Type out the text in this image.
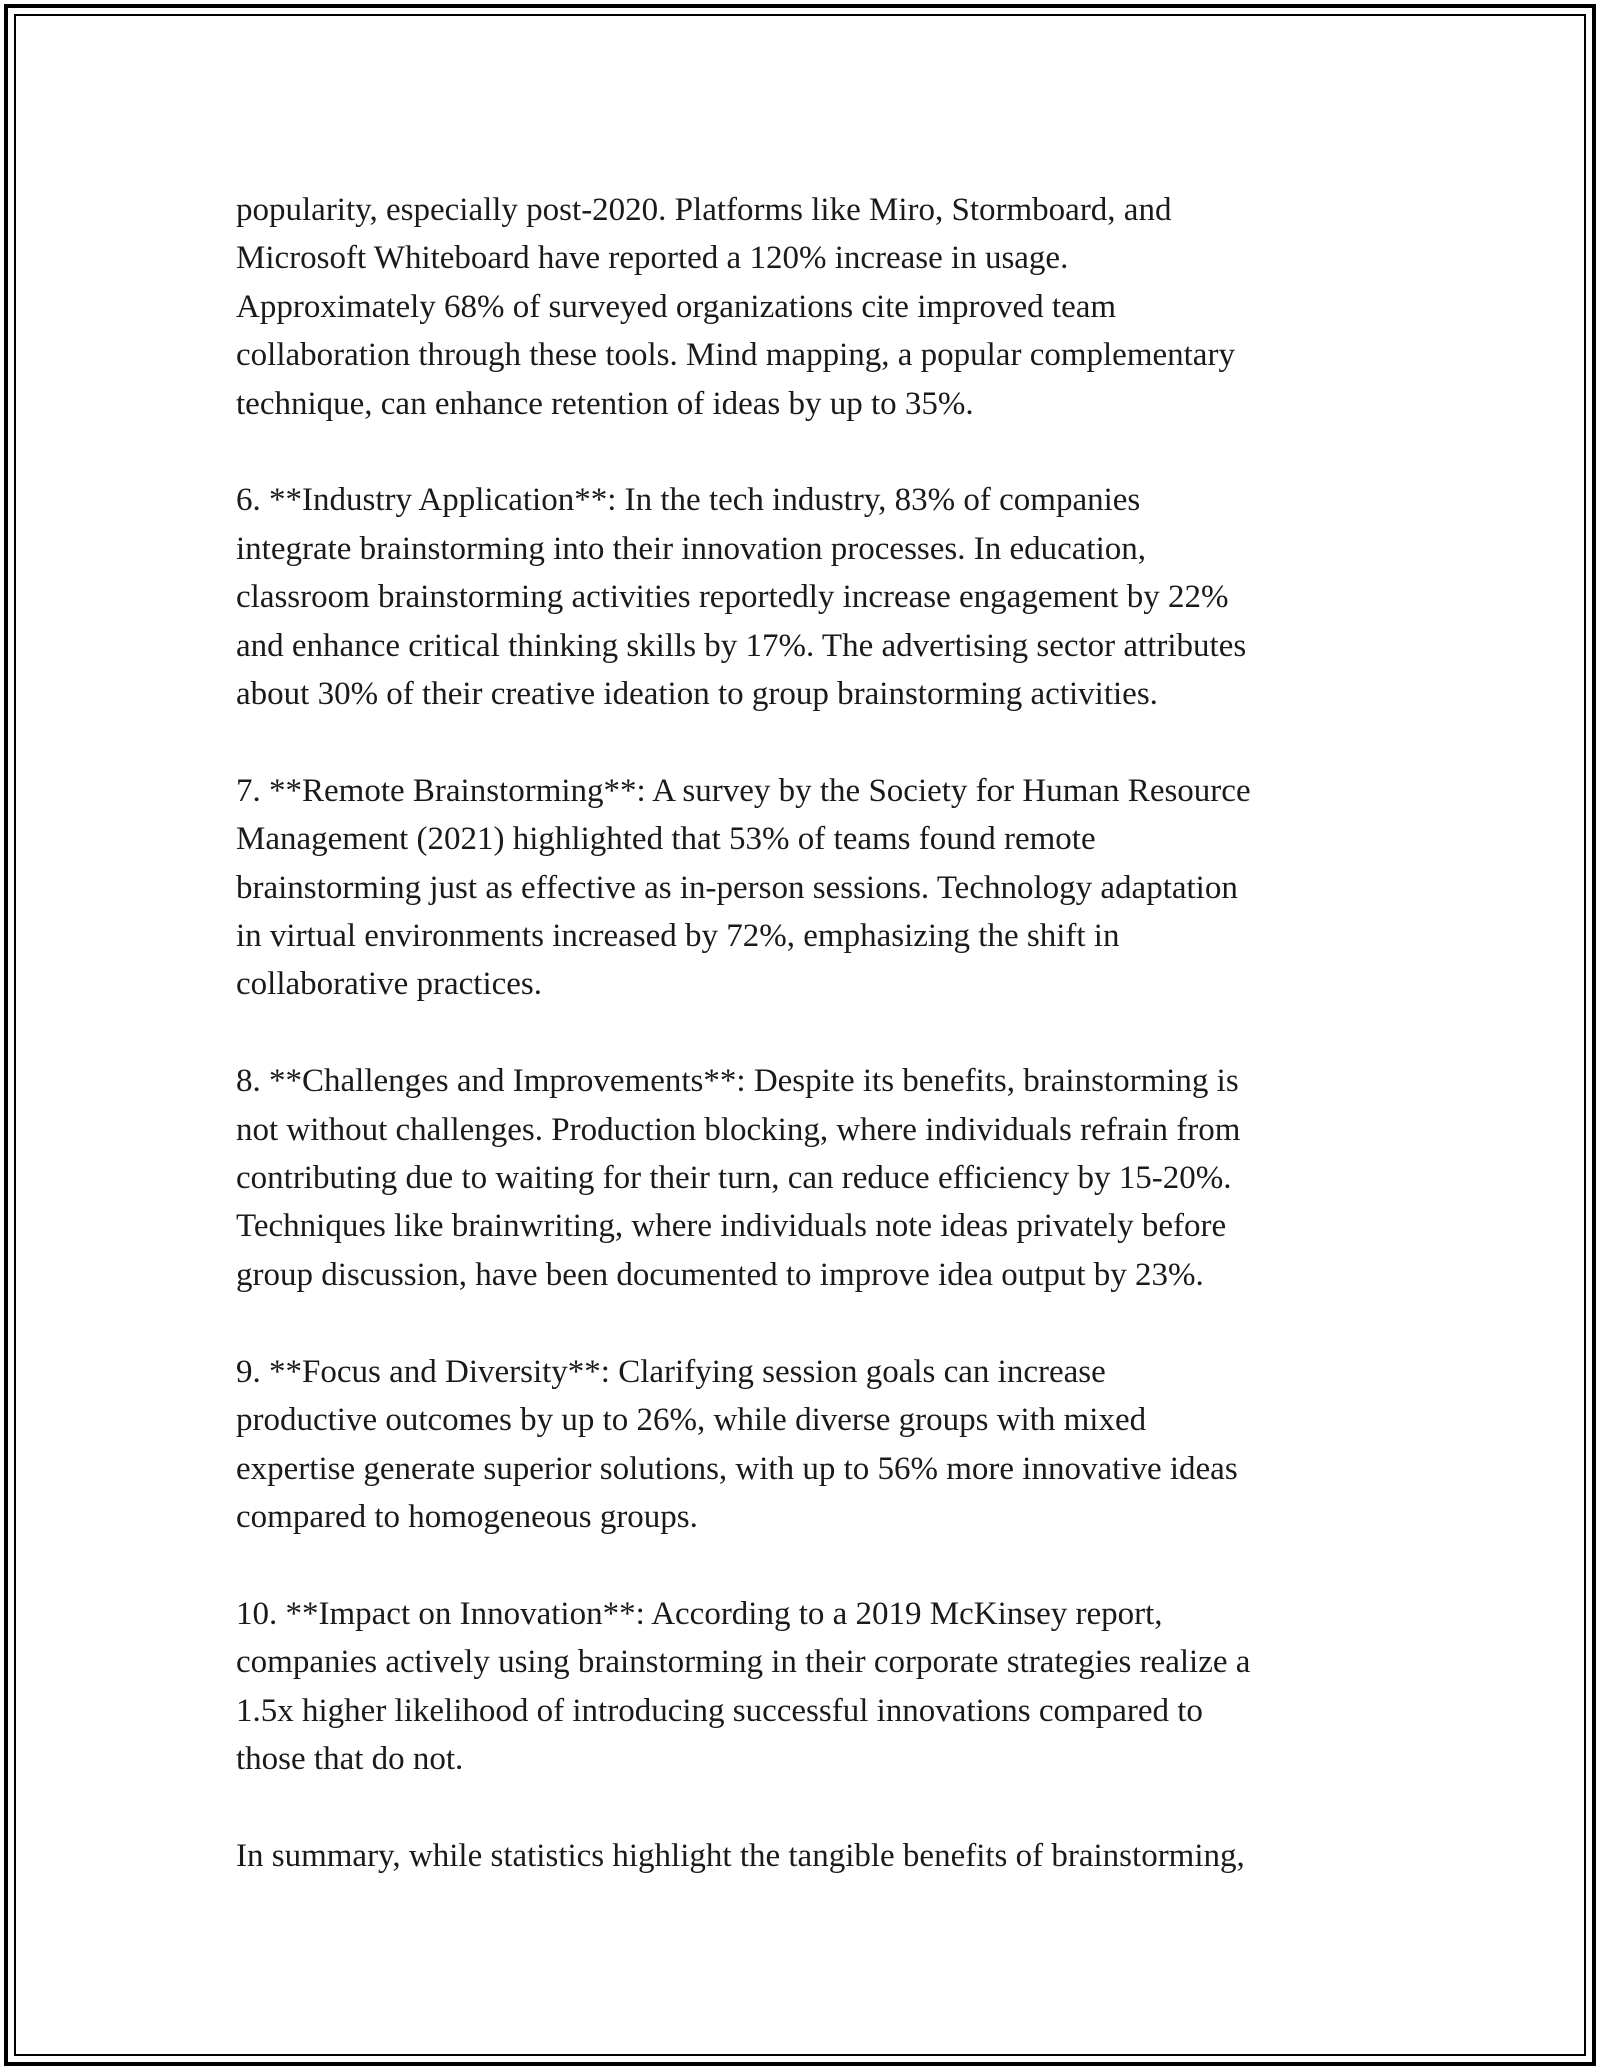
popularity, especially post-2020. Platforms like Miro, Stormboard, and
Microsoft Whiteboard have reported a 120% increase in usage.
Approximately 68% of surveyed organizations cite improved team
collaboration through these tools. Mind mapping, a popular complementary
technique, can enhance retention of ideas by up to 35%.

6. **Industry Application**: In the tech industry, 83% of companies
integrate brainstorming into their innovation processes. In education,
classroom brainstorming activities reportedly increase engagement by 22%
and enhance critical thinking skills by 17%. The advertising sector attributes
about 30% of their creative ideation to group brainstorming activities.

7. **Remote Brainstorming**: A survey by the Society for Human Resource
Management (2021) highlighted that 53% of teams found remote
brainstorming just as effective as in-person sessions. Technology adaptation
in virtual environments increased by 72%, emphasizing the shift in
collaborative practices.

8. **Challenges and Improvements**: Despite its benefits, brainstorming is
not without challenges. Production blocking, where individuals refrain from
contributing due to waiting for their turn, can reduce efficiency by 15-20%.
Techniques like brainwriting, where individuals note ideas privately before
group discussion, have been documented to improve idea output by 23%.

9. **Focus and Diversity**: Clarifying session goals can increase
productive outcomes by up to 26%, while diverse groups with mixed
expertise generate superior solutions, with up to 56% more innovative ideas
compared to homogeneous groups.

10. **Impact on Innovation**: According to a 2019 McKinsey report,
companies actively using brainstorming in their corporate strategies realize a
1.5x higher likelihood of introducing successful innovations compared to
those that do not.

In summary, while statistics highlight the tangible benefits of brainstorming,
